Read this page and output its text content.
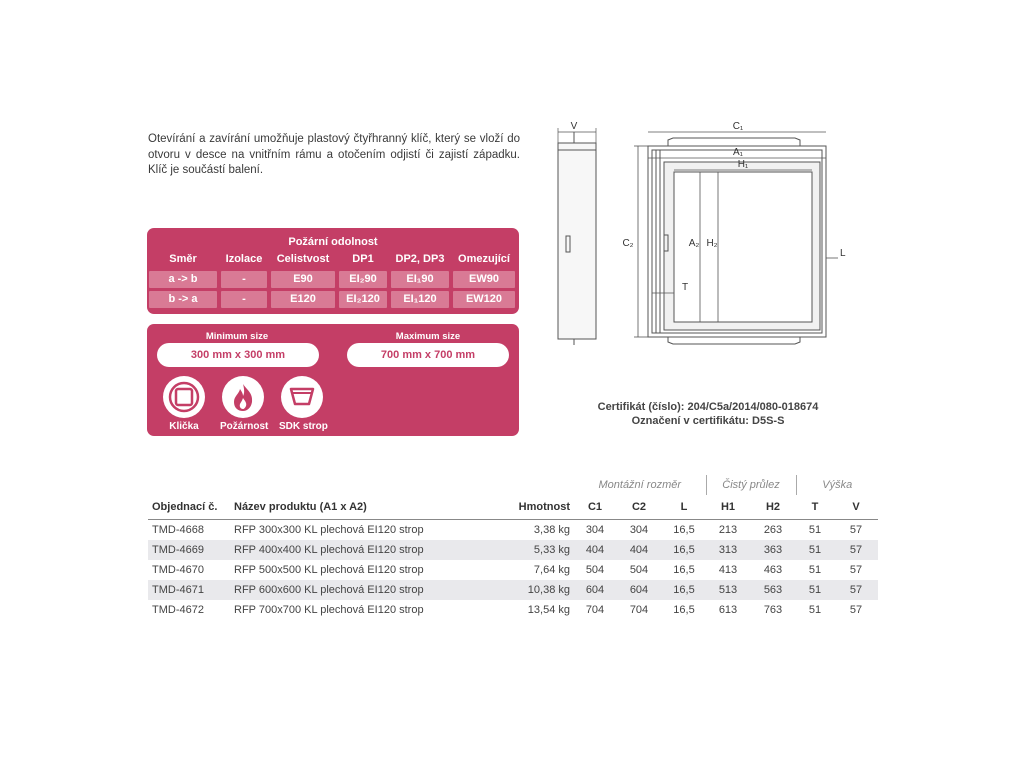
Otevírání a zavírání umožňuje plastový čtyřhranný klíč, který se vloží do otvoru v desce na vnitřním rámu a otočením odjistí či zajistí západku. Klíč je součástí balení.
Požární odolnost
Směr	Izolace	Celistvost	DP1	DP2, DP3	Omezující
a -> b	-	E90	EI₂90	EI₁90	EW90
b -> a	-	E120	EI₂120	EI₁120	EW120
Minimum size
300 mm x 300 mm
Maximum size
700 mm x 700 mm
Klička	Požárnost SDK strop
V	C₁
A₁
H₁
C₂	A₂ H₂
L
T
Certifikát (číslo): 204/C5a/2014/080-018674
Označení v certifikátu: D5S-S
			Montážní rozměr			Čistý průlez		Výška	
Objednací č.	Název produktu (A1 x A2)	Hmotnost	C1	C2	L	H1	H2	T	V
TMD-4668	RFP 300x300 KL plechová EI120 strop	3,38 kg	304	304	16,5	213	263	51	57
TMD-4669	RFP 400x400 KL plechová EI120 strop	5,33 kg	404	404	16,5	313	363	51	57
TMD-4670	RFP 500x500 KL plechová EI120 strop	7,64 kg	504	504	16,5	413	463	51	57
TMD-4671	RFP 600x600 KL plechová EI120 strop	10,38 kg	604	604	16,5	513	563	51	57
TMD-4672	RFP 700x700 KL plechová EI120 strop	13,54 kg	704	704	16,5	613	763	51	57
